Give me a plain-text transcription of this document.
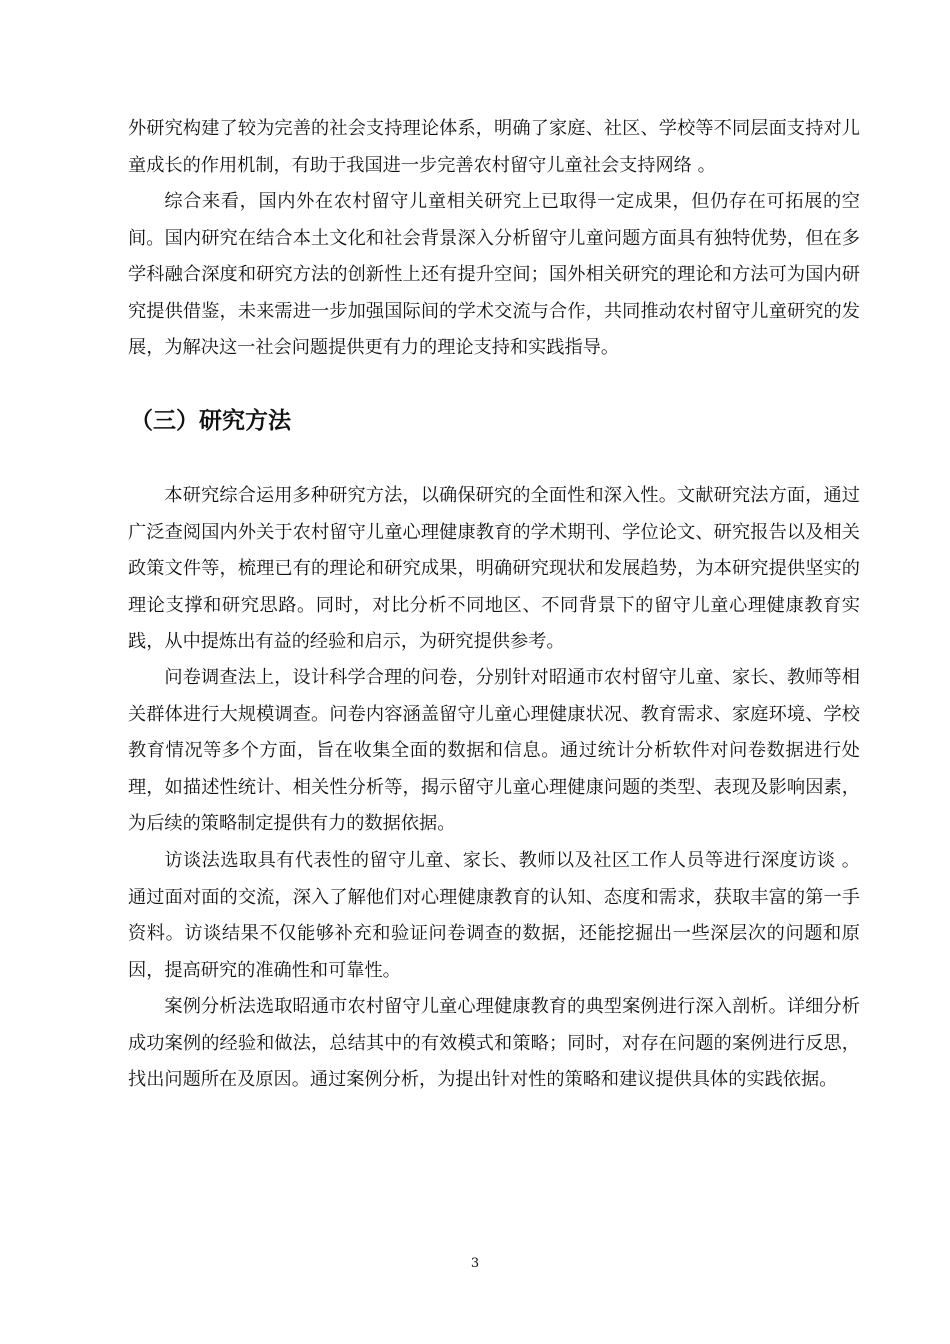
外研究构建了较为完善的社会支持理论体系，明确了家庭、社区、学校等不同层面支持对儿童成长的作用机制，有助于我国进一步完善农村留守儿童社会支持网络 。

综合来看，国内外在农村留守儿童相关研究上已取得一定成果，但仍存在可拓展的空间。国内研究在结合本土文化和社会背景深入分析留守儿童问题方面具有独特优势，但在多学科融合深度和研究方法的创新性上还有提升空间；国外相关研究的理论和方法可为国内研究提供借鉴，未来需进一步加强国际间的学术交流与合作，共同推动农村留守儿童研究的发展，为解决这一社会问题提供更有力的理论支持和实践指导。

（三）研究方法

本研究综合运用多种研究方法，以确保研究的全面性和深入性。文献研究法方面，通过广泛查阅国内外关于农村留守儿童心理健康教育的学术期刊、学位论文、研究报告以及相关政策文件等，梳理已有的理论和研究成果，明确研究现状和发展趋势，为本研究提供坚实的理论支撑和研究思路。同时，对比分析不同地区、不同背景下的留守儿童心理健康教育实践，从中提炼出有益的经验和启示，为研究提供参考。

问卷调查法上，设计科学合理的问卷，分别针对昭通市农村留守儿童、家长、教师等相关群体进行大规模调查。问卷内容涵盖留守儿童心理健康状况、教育需求、家庭环境、学校教育情况等多个方面，旨在收集全面的数据和信息。通过统计分析软件对问卷数据进行处理，如描述性统计、相关性分析等，揭示留守儿童心理健康问题的类型、表现及影响因素，为后续的策略制定提供有力的数据依据。

访谈法选取具有代表性的留守儿童、家长、教师以及社区工作人员等进行深度访谈 。通过面对面的交流，深入了解他们对心理健康教育的认知、态度和需求，获取丰富的第一手资料。访谈结果不仅能够补充和验证问卷调查的数据，还能挖掘出一些深层次的问题和原因，提高研究的准确性和可靠性。

案例分析法选取昭通市农村留守儿童心理健康教育的典型案例进行深入剖析。详细分析成功案例的经验和做法，总结其中的有效模式和策略；同时，对存在问题的案例进行反思，找出问题所在及原因。通过案例分析，为提出针对性的策略和建议提供具体的实践依据。

3
